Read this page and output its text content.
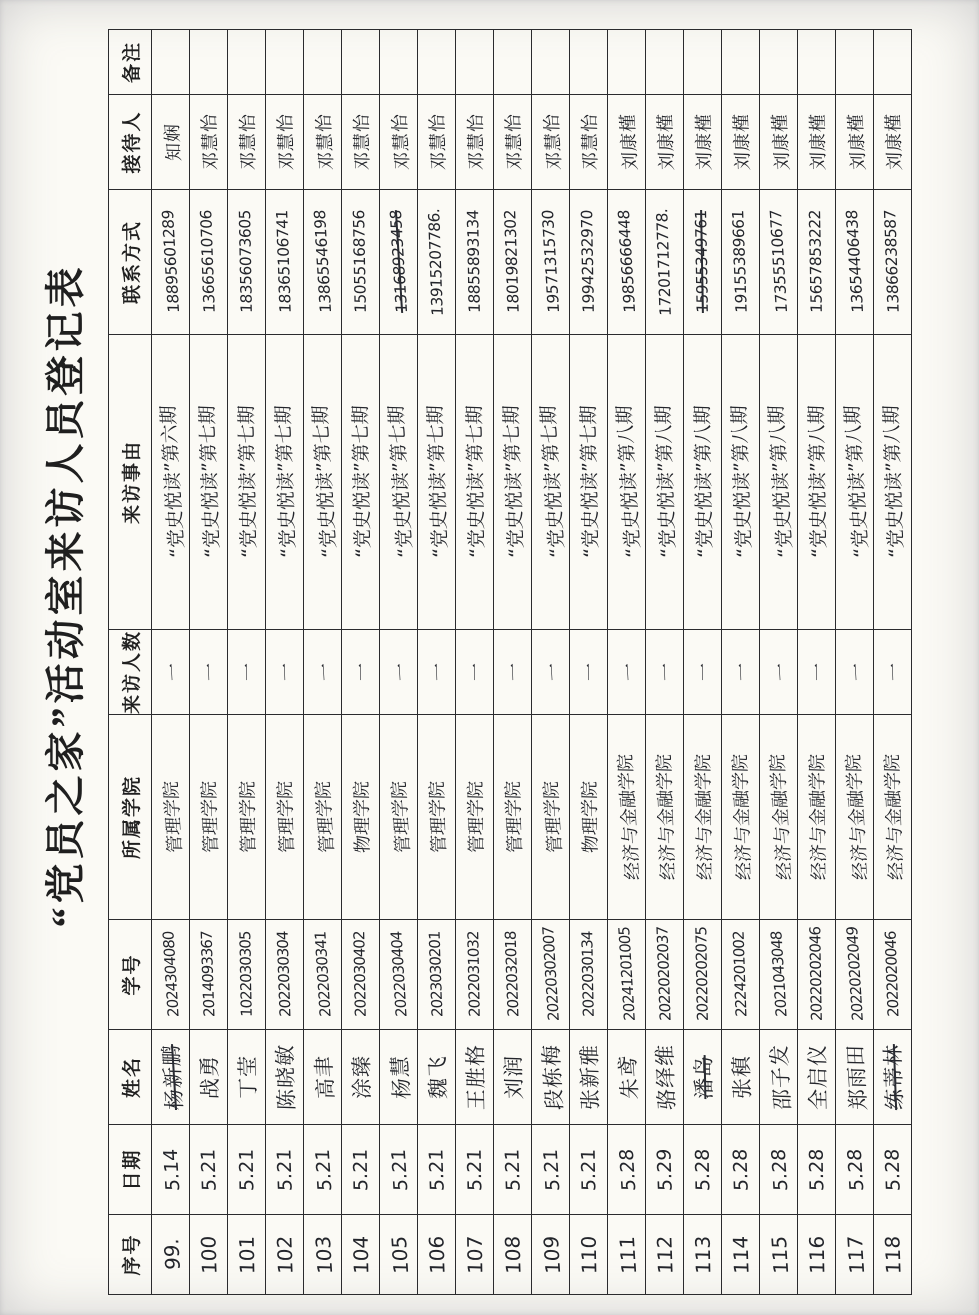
“党员之家”活动室来访人员登记表
序号	日期	姓名	学号	所属学院	来访人数	来访事由	联系方式	接待人	备注
99.	5.14	杨新鹏	2024304080	管理学院	一	“党史悦读”第六期	18895601289	知娴	
100	5.21	战勇	2014093367	管理学院	一	“党史悦读”第七期	13665610706	邓慧怡	
101	5.21	丁莹	1022030305	管理学院	一	“党史悦读”第七期	18356073605	邓慧怡	
102	5.21	陈晓敏	2022030304	管理学院	一	“党史悦读”第七期	18365106741	邓慧怡	
103	5.21	高聿	2022030341	管理学院	一	“党史悦读”第七期	13865546198	邓慧怡	
104	5.21	涂臻	2022030402	物理学院	一	“党史悦读”第七期	15055168756	邓慧怡	
105	5.21	杨慧	2022030404	管理学院	一	“党史悦读”第七期	13168923458	邓慧怡	
106	5.21	魏飞	2023030201	管理学院	一	“党史悦读”第七期	13915207786.	邓慧怡	
107	5.21	王胜格	2022031032	管理学院	一	“党史悦读”第七期	18855893134	邓慧怡	
108	5.21	刘润	2022032018	管理学院	一	“党史悦读”第七期	18019821302	邓慧怡	
109	5.21	段栋梅	20220302007	管理学院	一	“党史悦读”第七期	19571315730	邓慧怡	
110	5.21	张新雅	2022030134	物理学院	一	“党史悦读”第七期	19942532970	邓慧怡	
111	5.28	朱鸢	20241201005	经济与金融学院	一	“党史悦读”第八期	19856666448	刘康槿	
112	5.29	骆绎维	20220202037	经济与金融学院	一	“党史悦读”第八期	17201712778.	刘康槿	
113	5.28	潘岛	20220202075	经济与金融学院	一	“党史悦读”第八期	15955349761	刘康槿	
114	5.28	张稹	2224201002	经济与金融学院	一	“党史悦读”第八期	19155389661	刘康槿	
115	5.28	邵子发	2021043048	经济与金融学院	一	“党史悦读”第八期	17355510677	刘康槿	
116	5.28	全启仪	20220202046	经济与金融学院	一	“党史悦读”第八期	15657853222	刘康槿	
117	5.28	郑雨田	20220202049	经济与金融学院	一	“党史悦读”第八期	13654406438	刘康槿	
118	5.28	练蒂林	2022020046	经济与金融学院	一	“党史悦读”第八期	13866238587	刘康槿	
